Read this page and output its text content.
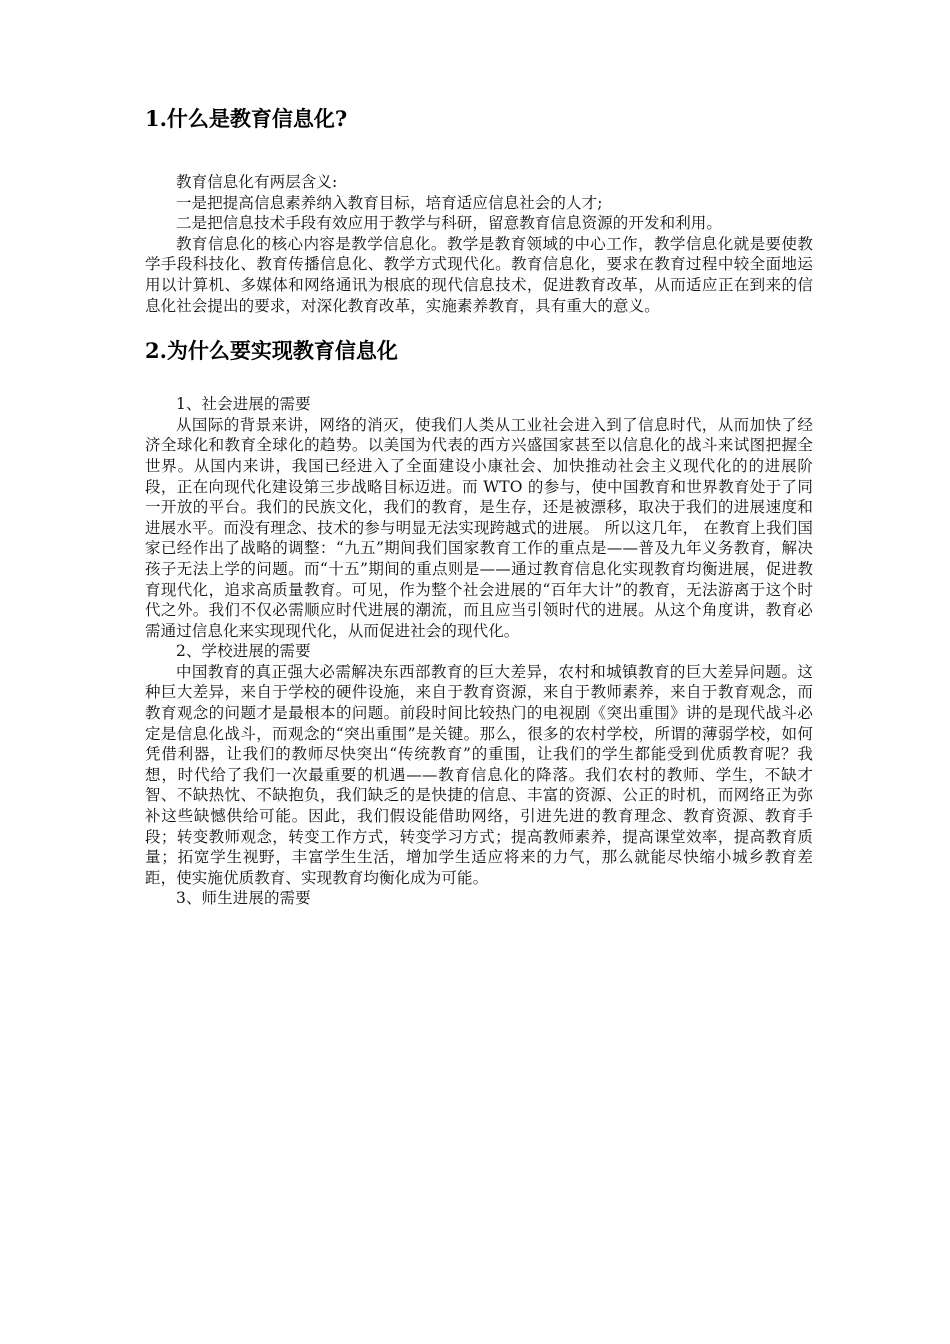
1.什么是教育信息化?

教育信息化有两层含义:

一是把提高信息素养纳入教育目标，培育适应信息社会的人才;

二是把信息技术手段有效应用于教学与科研，留意教育信息资源的开发和利用。

教育信息化的核心内容是教学信息化。教学是教育领域的中心工作，教学信息化就是要使教学手段科技化、教育传播信息化、教学方式现代化。教育信息化，要求在教育过程中较全面地运用以计算机、多媒体和网络通讯为根底的现代信息技术，促进教育改革，从而适应正在到来的信息化社会提出的要求，对深化教育改革，实施素养教育，具有重大的意义。

2.为什么要实现教育信息化

1、社会进展的需要

从国际的背景来讲，网络的消灭，使我们人类从工业社会进入到了信息时代，从而加快了经济全球化和教育全球化的趋势。以美国为代表的西方兴盛国家甚至以信息化的战斗来试图把握全世界。从国内来讲，我国已经进入了全面建设小康社会、加快推动社会主义现代化的的进展阶段，正在向现代化建设第三步战略目标迈进。而 WTO 的参与，使中国教育和世界教育处于了同一开放的平台。我们的民族文化，我们的教育，是生存，还是被漂移，取决于我们的进展速度和进展水平。而没有理念、技术的参与明显无法实现跨越式的进展。 所以这几年， 在教育上我们国家已经作出了战略的调整：“九五”期间我们国家教育工作的重点是——普及九年义务教育，解决孩子无法上学的问题。而“十五”期间的重点则是——通过教育信息化实现教育均衡进展，促进教育现代化，追求高质量教育。可见，作为整个社会进展的“百年大计”的教育，无法游离于这个时代之外。我们不仅必需顺应时代进展的潮流，而且应当引领时代的进展。从这个角度讲，教育必需通过信息化来实现现代化，从而促进社会的现代化。

2、学校进展的需要

中国教育的真正强大必需解决东西部教育的巨大差异，农村和城镇教育的巨大差异问题。这种巨大差异，来自于学校的硬件设施，来自于教育资源，来自于教师素养，来自于教育观念，而教育观念的问题才是最根本的问题。前段时间比较热门的电视剧《突出重围》讲的是现代战斗必定是信息化战斗，而观念的“突出重围”是关键。那么，很多的农村学校，所谓的薄弱学校，如何凭借利器，让我们的教师尽快突出“传统教育”的重围，让我们的学生都能受到优质教育呢？我想，时代给了我们一次最重要的机遇——教育信息化的降落。我们农村的教师、学生，不缺才智、不缺热忱、不缺抱负，我们缺乏的是快捷的信息、丰富的资源、公正的时机，而网络正为弥补这些缺憾供给可能。因此，我们假设能借助网络，引进先进的教育理念、教育资源、教育手段；转变教师观念，转变工作方式，转变学习方式；提高教师素养，提高课堂效率，提高教育质量；拓宽学生视野，丰富学生生活，增加学生适应将来的力气，那么就能尽快缩小城乡教育差距，使实施优质教育、实现教育均衡化成为可能。

3、师生进展的需要
